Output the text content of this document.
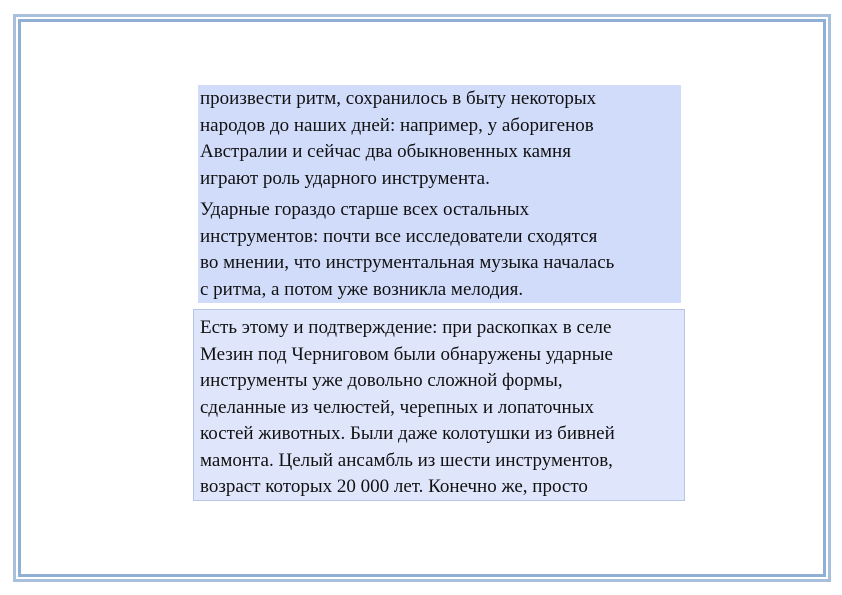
произвести ритм, сохранилось в быту некоторых
народов до наших дней: например, у аборигенов
Австралии и сейчас два обыкновенных камня
играют роль ударного инструмента.

Ударные гораздо старше всех остальных
инструментов: почти все исследователи сходятся
во мнении, что инструментальная музыка началась
с ритма, а потом уже возникла мелодия.

Есть этому и подтверждение: при раскопках в селе
Мезин под Черниговом были обнаружены ударные
инструменты уже довольно сложной формы,
сделанные из челюстей, черепных и лопаточных
костей животных. Были даже колотушки из бивней
мамонта. Целый ансамбль из шести инструментов,
возраст которых 20 000 лет. Конечно же, просто
